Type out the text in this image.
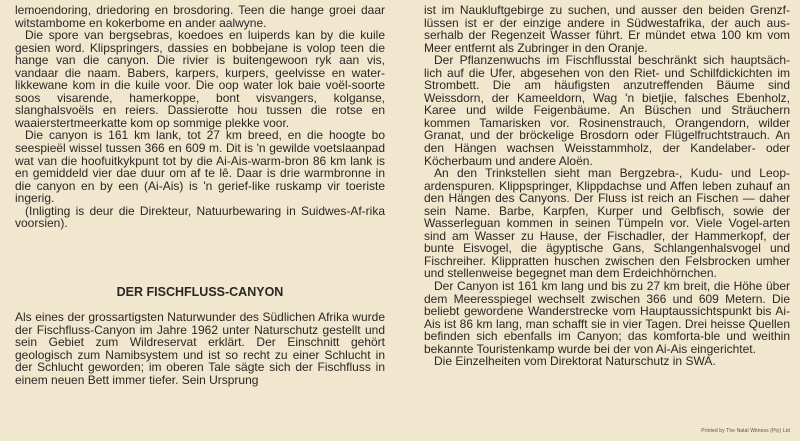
lemoendoring, driedoring en brosdoring. Teen die hange groei daar witstambome en kokerbome en ander aalwyne.

Die spore van bergsebras, koedoes en luiperds kan by die kuile gesien word. Klipspringers, dassies en bobbejane is volop teen die hange van die canyon. Die rivier is buitengewoon ryk aan vis, vandaar die naam. Babers, karpers, kurpers, geelvisse en water-likkewane kom in die kuile voor. Die oop water lok baie voël-soorte soos visarende, hamerkoppe, bont visvangers, kolganse, slanghalsvoëls en reiers. Dassierotte hou tussen die rotse en waaierstertmeerkatte kom op sommige plekke voor.

Die canyon is 161 km lank, tot 27 km breed, en die hoogte bo seespieël wissel tussen 366 en 609 m. Dit is 'n gewilde voetslaanpad wat van die hoofuitkykpunt tot by die Ai-Ais-warm-bron 86 km lank is en gemiddeld vier dae duur om af te lê. Daar is drie warmbronne in die canyon en by een (Ai-Ais) is 'n gerief-like ruskamp vir toeriste ingerig.

(Inligting is deur die Direkteur, Natuurbewaring in Suidwes-Af-rika voorsien).

DER FISCHFLUSS-CANYON

Als eines der grossartigsten Naturwunder des Südlichen Afrika wurde der Fischfluss-Canyon im Jahre 1962 unter Naturschutz gestellt und sein Gebiet zum Wildreservat erklärt. Der Einschnitt gehört geologisch zum Namibsystem und ist so recht zu einer Schlucht in der Schlucht geworden; im oberen Tale sägte sich der Fischfluss in einem neuen Bett immer tiefer. Sein Ursprung

ist im Naukluftgebirge zu suchen, und ausser den beiden Grenzf-lüssen ist er der einzige andere in Südwestafrika, der auch aus-serhalb der Regenzeit Wasser führt. Er mündet etwa 100 km vom Meer entfernt als Zubringer in den Oranje.

Der Pflanzenwuchs im Fischflusstal beschränkt sich hauptsäch-lich auf die Ufer, abgesehen von den Riet- und Schilfdickichten im Strombett. Die am häufigsten anzutreffenden Bäume sind Weissdorn, der Kameeldorn, Wag 'n bietjie, falsches Ebenholz, Karee und wilde Feigenbäume. An Büschen und Sträuchern kommen Tamarisken vor. Rosinenstrauch, Orangendorn, wilder Granat, und der bröckelige Brosdorn oder Flügelfruchtstrauch. An den Hängen wachsen Weisstammholz, der Kandelaber- oder Köcherbaum und andere Aloën.

An den Trinkstellen sieht man Bergzebra-, Kudu- und Leop-ardenspuren. Klippspringer, Klippdachse und Affen leben zuhauf an den Hängen des Canyons. Der Fluss ist reich an Fischen — daher sein Name. Barbe, Karpfen, Kurper und Gelbfisch, sowie der Wasserleguan kommen in seinen Tümpeln vor. Viele Vogel-arten sind am Wasser zu Hause, der Fischadler, der Hammerkopf, der bunte Eisvogel, die ägyptische Gans, Schlangenhalsvogel und Fischreiher. Klippratten huschen zwischen den Felsbrocken umher und stellenweise begegnet man dem Erdeichhörnchen.

Der Canyon ist 161 km lang und bis zu 27 km breit, die Höhe über dem Meeresspiegel wechselt zwischen 366 und 609 Metern. Die beliebt gewordene Wanderstrecke vom Hauptaussichtspunkt bis Ai-Ais ist 86 km lang, man schafft sie in vier Tagen. Drei heisse Quellen befinden sich ebenfalls im Canyon; das komforta-ble und weithin bekannte Touristenkamp wurde bei der von Ai-Ais eingerichtet.

Die Einzelheiten vom Direktorat Naturschutz in SWA.

Printed by The Natal Witness (Pty) Ltd
